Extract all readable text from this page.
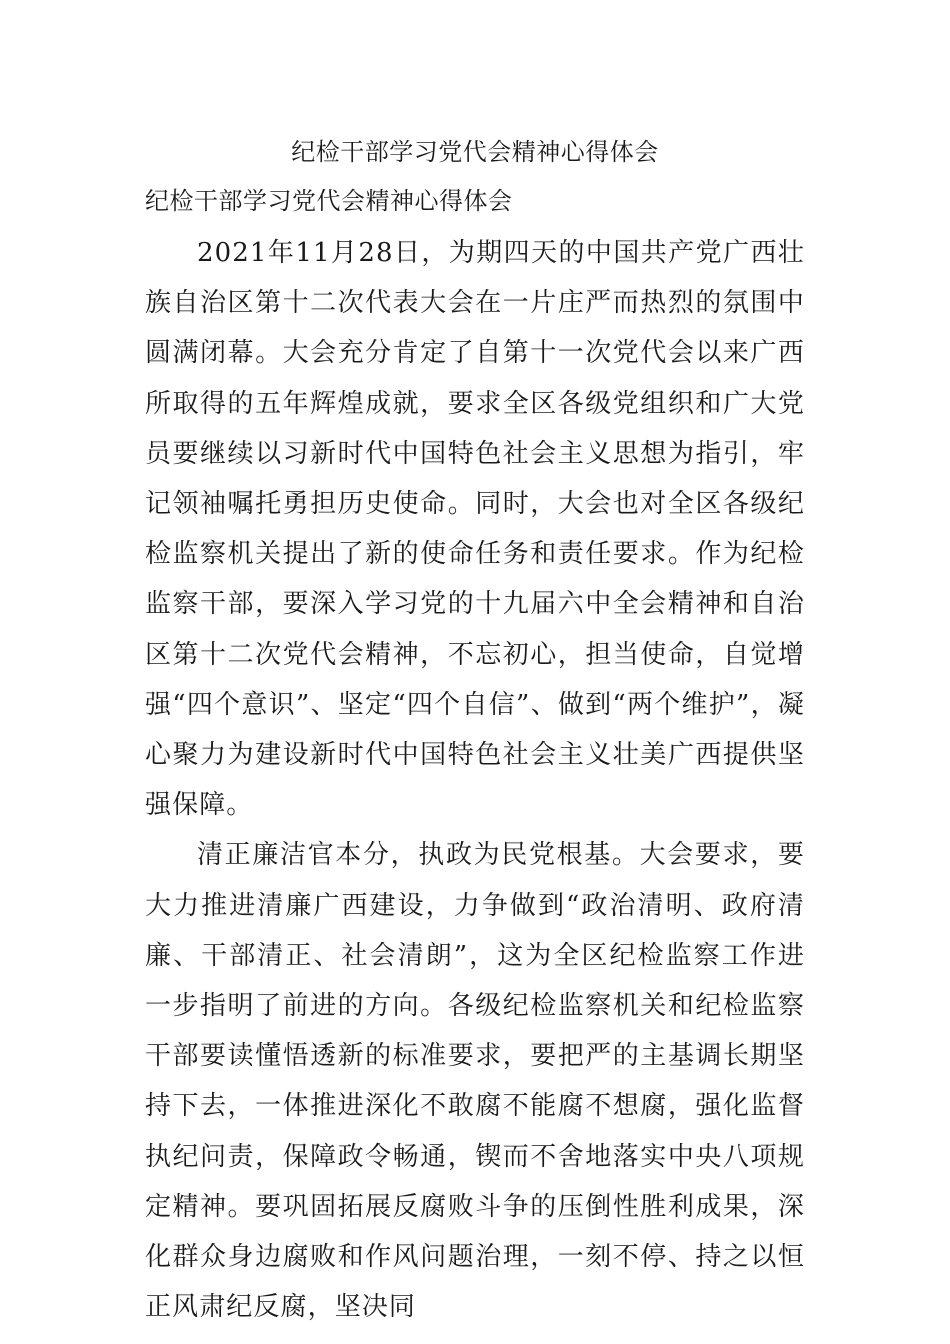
纪检干部学习党代会精神心得体会
纪检干部学习党代会精神心得体会

2021年11月28日，为期四天的中国共产党广西壮族自治区第十二次代表大会在一片庄严而热烈的氛围中圆满闭幕。大会充分肯定了自第十一次党代会以来广西所取得的五年辉煌成就，要求全区各级党组织和广大党员要继续以习新时代中国特色社会主义思想为指引，牢记领袖嘱托勇担历史使命。同时，大会也对全区各级纪检监察机关提出了新的使命任务和责任要求。作为纪检监察干部，要深入学习党的十九届六中全会精神和自治区第十二次党代会精神，不忘初心，担当使命，自觉增强“四个意识”、坚定“四个自信”、做到“两个维护”，凝心聚力为建设新时代中国特色社会主义壮美广西提供坚强保障。

清正廉洁官本分，执政为民党根基。大会要求，要大力推进清廉广西建设，力争做到“政治清明、政府清廉、干部清正、社会清朗”，这为全区纪检监察工作进一步指明了前进的方向。各级纪检监察机关和纪检监察干部要读懂悟透新的标准要求，要把严的主基调长期坚持下去，一体推进深化不敢腐不能腐不想腐，强化监督执纪问责，保障政令畅通，锲而不舍地落实中央八项规定精神。要巩固拓展反腐败斗争的压倒性胜利成果，深化群众身边腐败和作风问题治理，一刻不停、持之以恒正风肃纪反腐，坚决同
